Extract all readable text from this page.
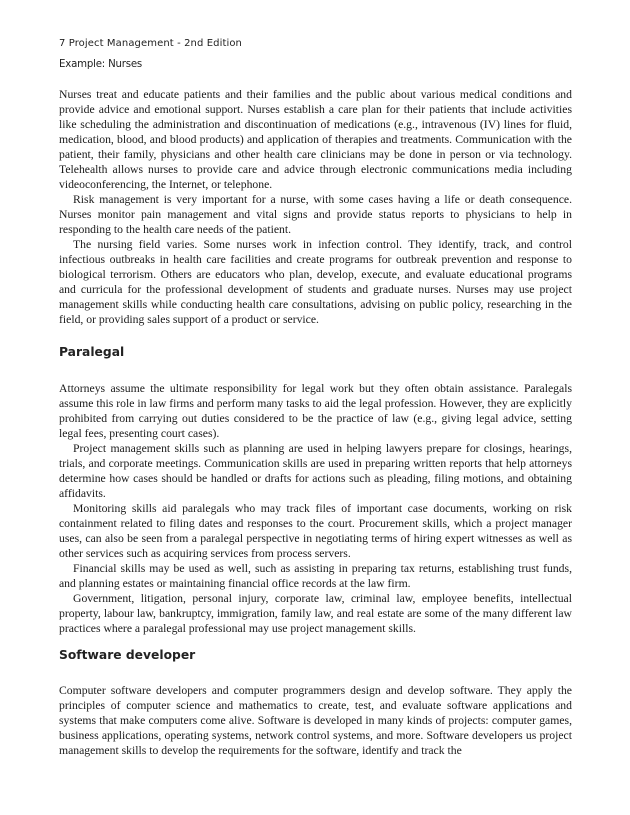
7 Project Management - 2nd Edition
Example: Nurses

Nurses treat and educate patients and their families and the public about various medical conditions and provide advice and emotional support. Nurses establish a care plan for their patients that include activities like scheduling the administration and discontinuation of medications (e.g., intravenous (IV) lines for fluid, medication, blood, and blood products) and application of therapies and treatments. Communication with the patient, their family, physicians and other health care clinicians may be done in person or via technology. Telehealth allows nurses to provide care and advice through electronic communications media including videoconferencing, the Internet, or telephone.

Risk management is very important for a nurse, with some cases having a life or death consequence. Nurses monitor pain management and vital signs and provide status reports to physicians to help in responding to the health care needs of the patient.

The nursing field varies. Some nurses work in infection control. They identify, track, and control infectious outbreaks in health care facilities and create programs for outbreak prevention and response to biological terrorism. Others are educators who plan, develop, execute, and evaluate educational programs and curricula for the professional development of students and graduate nurses. Nurses may use project management skills while conducting health care consultations, advising on public policy, researching in the field, or providing sales support of a product or service.

Paralegal

Attorneys assume the ultimate responsibility for legal work but they often obtain assistance. Paralegals assume this role in law firms and perform many tasks to aid the legal profession. However, they are explicitly prohibited from carrying out duties considered to be the practice of law (e.g., giving legal advice, setting legal fees, presenting court cases).

Project management skills such as planning are used in helping lawyers prepare for closings, hearings, trials, and corporate meetings. Communication skills are used in preparing written reports that help attorneys determine how cases should be handled or drafts for actions such as pleading, filing motions, and obtaining affidavits.

Monitoring skills aid paralegals who may track files of important case documents, working on risk containment related to filing dates and responses to the court. Procurement skills, which a project manager uses, can also be seen from a paralegal perspective in negotiating terms of hiring expert witnesses as well as other services such as acquiring services from process servers.

Financial skills may be used as well, such as assisting in preparing tax returns, establishing trust funds, and planning estates or maintaining financial office records at the law firm.

Government, litigation, personal injury, corporate law, criminal law, employee benefits, intellectual property, labour law, bankruptcy, immigration, family law, and real estate are some of the many different law practices where a paralegal professional may use project management skills.

Software developer

Computer software developers and computer programmers design and develop software. They apply the principles of computer science and mathematics to create, test, and evaluate software applications and systems that make computers come alive. Software is developed in many kinds of projects: computer games, business applications, operating systems, network control systems, and more. Software developers us project management skills to develop the requirements for the software, identify and track the
